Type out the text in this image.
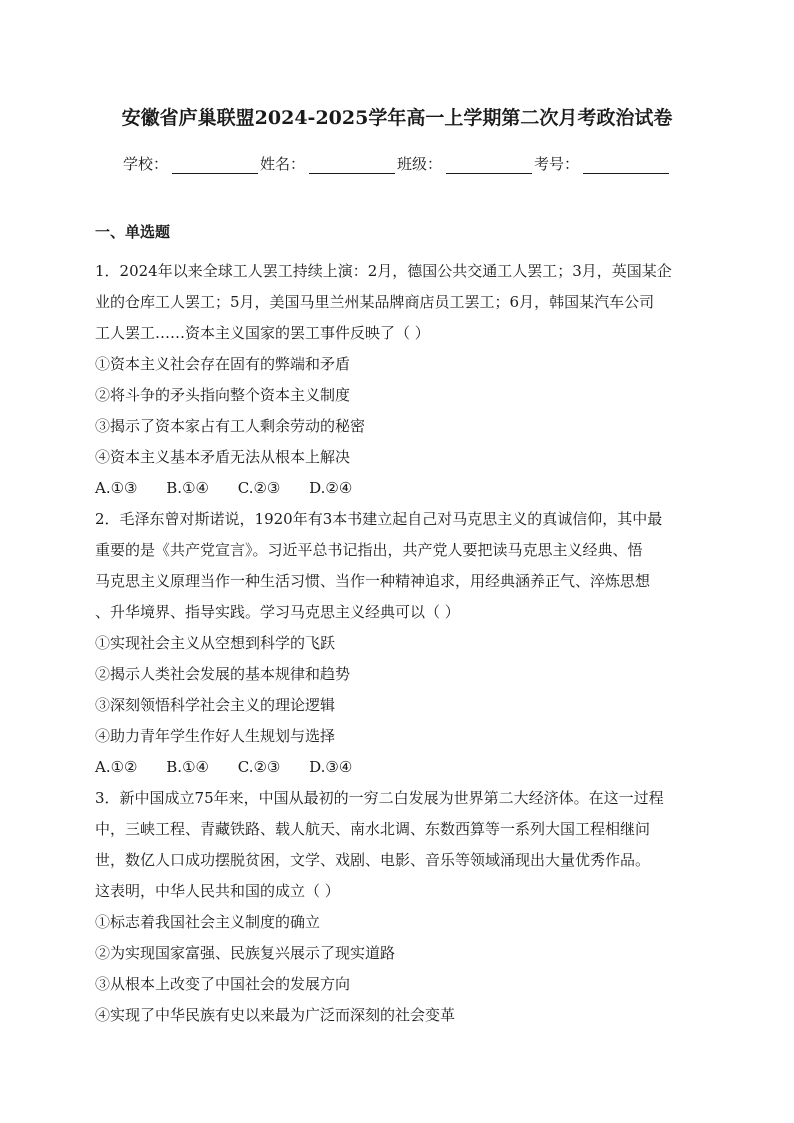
安徽省庐巢联盟2024-2025学年高一上学期第二次月考政治试卷
学校：	姓名：	班级：	考号：
一、单选题
1．2024年以来全球工人罢工持续上演：2月，德国公共交通工人罢工；3月，英国某企
业的仓库工人罢工；5月，美国马里兰州某品牌商店员工罢工；6月，韩国某汽车公司
工人罢工……资本主义国家的罢工事件反映了（ ）
①资本主义社会存在固有的弊端和矛盾
②将斗争的矛头指向整个资本主义制度
③揭示了资本家占有工人剩余劳动的秘密
④资本主义基本矛盾无法从根本上解决
A.①③ B.①④ C.②③ D.②④
2．毛泽东曾对斯诺说，1920年有3本书建立起自己对马克思主义的真诚信仰，其中最
重要的是《共产党宣言》。习近平总书记指出，共产党人要把读马克思主义经典、悟
马克思主义原理当作一种生活习惯、当作一种精神追求，用经典涵养正气、淬炼思想
、升华境界、指导实践。学习马克思主义经典可以（ ）
①实现社会主义从空想到科学的飞跃
②揭示人类社会发展的基本规律和趋势
③深刻领悟科学社会主义的理论逻辑
④助力青年学生作好人生规划与选择
A.①② B.①④ C.②③ D.③④
3．新中国成立75年来，中国从最初的一穷二白发展为世界第二大经济体。在这一过程
中，三峡工程、青藏铁路、载人航天、南水北调、东数西算等一系列大国工程相继问
世，数亿人口成功摆脱贫困，文学、戏剧、电影、音乐等领域涌现出大量优秀作品。
这表明，中华人民共和国的成立（ ）
①标志着我国社会主义制度的确立
②为实现国家富强、民族复兴展示了现实道路
③从根本上改变了中国社会的发展方向
④实现了中华民族有史以来最为广泛而深刻的社会变革
